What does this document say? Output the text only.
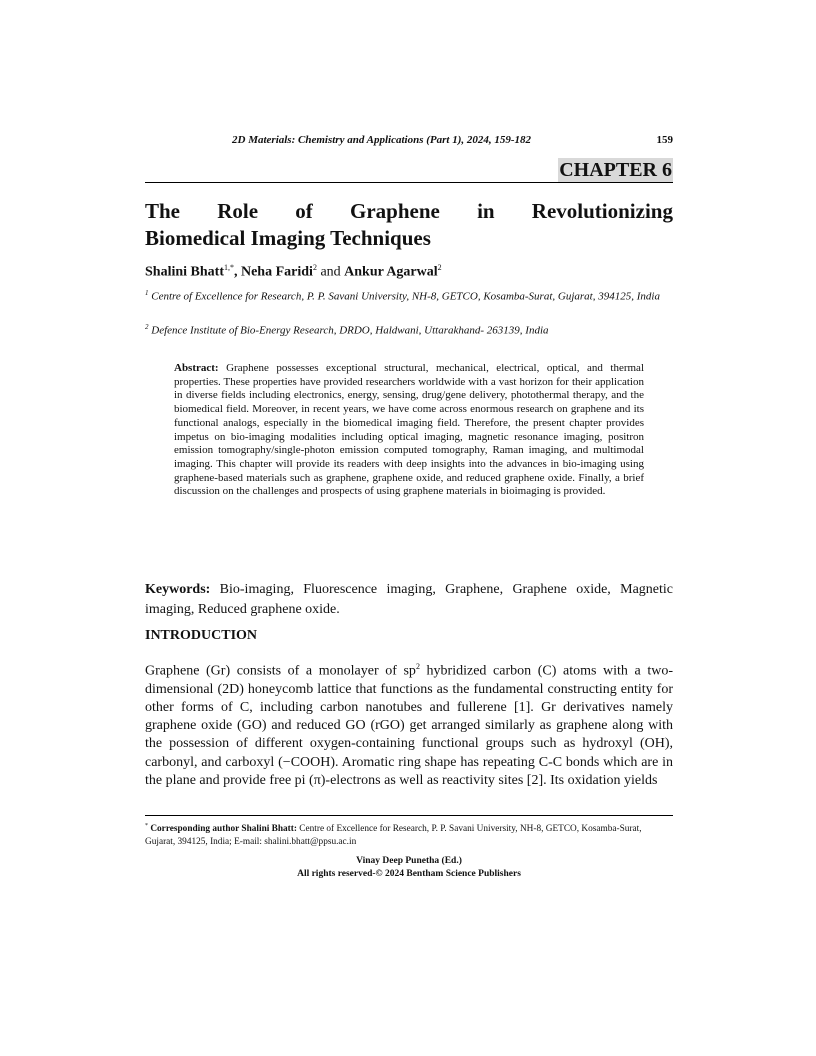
2D Materials: Chemistry and Applications (Part 1), 2024, 159-182	159
CHAPTER 6
The Role of Graphene in Revolutionizing
Biomedical Imaging Techniques
Shalini Bhatt$^{1,*}$, Neha Faridi$^2$ and Ankur Agarwal$^2$
$^1$ Centre of Excellence for Research, P. P. Savani University, NH-8, GETCO, Kosamba-Surat, Gujarat, 394125, India
$^2$ Defence Institute of Bio-Energy Research, DRDO, Haldwani, Uttarakhand- 263139, India
Abstract: Graphene possesses exceptional structural, mechanical, electrical, optical, and thermal properties. These properties have provided researchers worldwide with a vast horizon for their application in diverse fields including electronics, energy, sensing, drug/gene delivery, photothermal therapy, and the biomedical field. Moreover, in recent years, we have come across enormous research on graphene and its functional analogs, especially in the biomedical imaging field. Therefore, the present chapter provides impetus on bio-imaging modalities including optical imaging, magnetic resonance imaging, positron emission tomography/single-photon emission computed tomography, Raman imaging, and multimodal imaging. This chapter will provide its readers with deep insights into the advances in bio-imaging using graphene-based materials such as graphene, graphene oxide, and reduced graphene oxide. Finally, a brief discussion on the challenges and prospects of using graphene materials in bioimaging is provided.
Keywords: Bio-imaging, Fluorescence imaging, Graphene, Graphene oxide, Magnetic imaging, Reduced graphene oxide.
INTRODUCTION
Graphene (Gr) consists of a monolayer of $sp^2$ hybridized carbon (C) atoms with a two-dimensional (2D) honeycomb lattice that functions as the fundamental constructing entity for other forms of C, including carbon nanotubes and fullerene [1]. Gr derivatives namely graphene oxide (GO) and reduced GO (rGO) get arranged similarly as graphene along with the possession of different oxygen-containing functional groups such as hydroxyl (OH), carbonyl, and carboxyl (−COOH). Aromatic ring shape has repeating C-C bonds which are in the plane and provide free pi (π)-electrons as well as reactivity sites [2]. Its oxidation yields
* Corresponding author Shalini Bhatt: Centre of Excellence for Research, P. P. Savani University, NH-8, GETCO, Kosamba-Surat, Gujarat, 394125, India; E-mail: shalini.bhatt@ppsu.ac.in
Vinay Deep Punetha (Ed.)
All rights reserved-© 2024 Bentham Science Publishers
